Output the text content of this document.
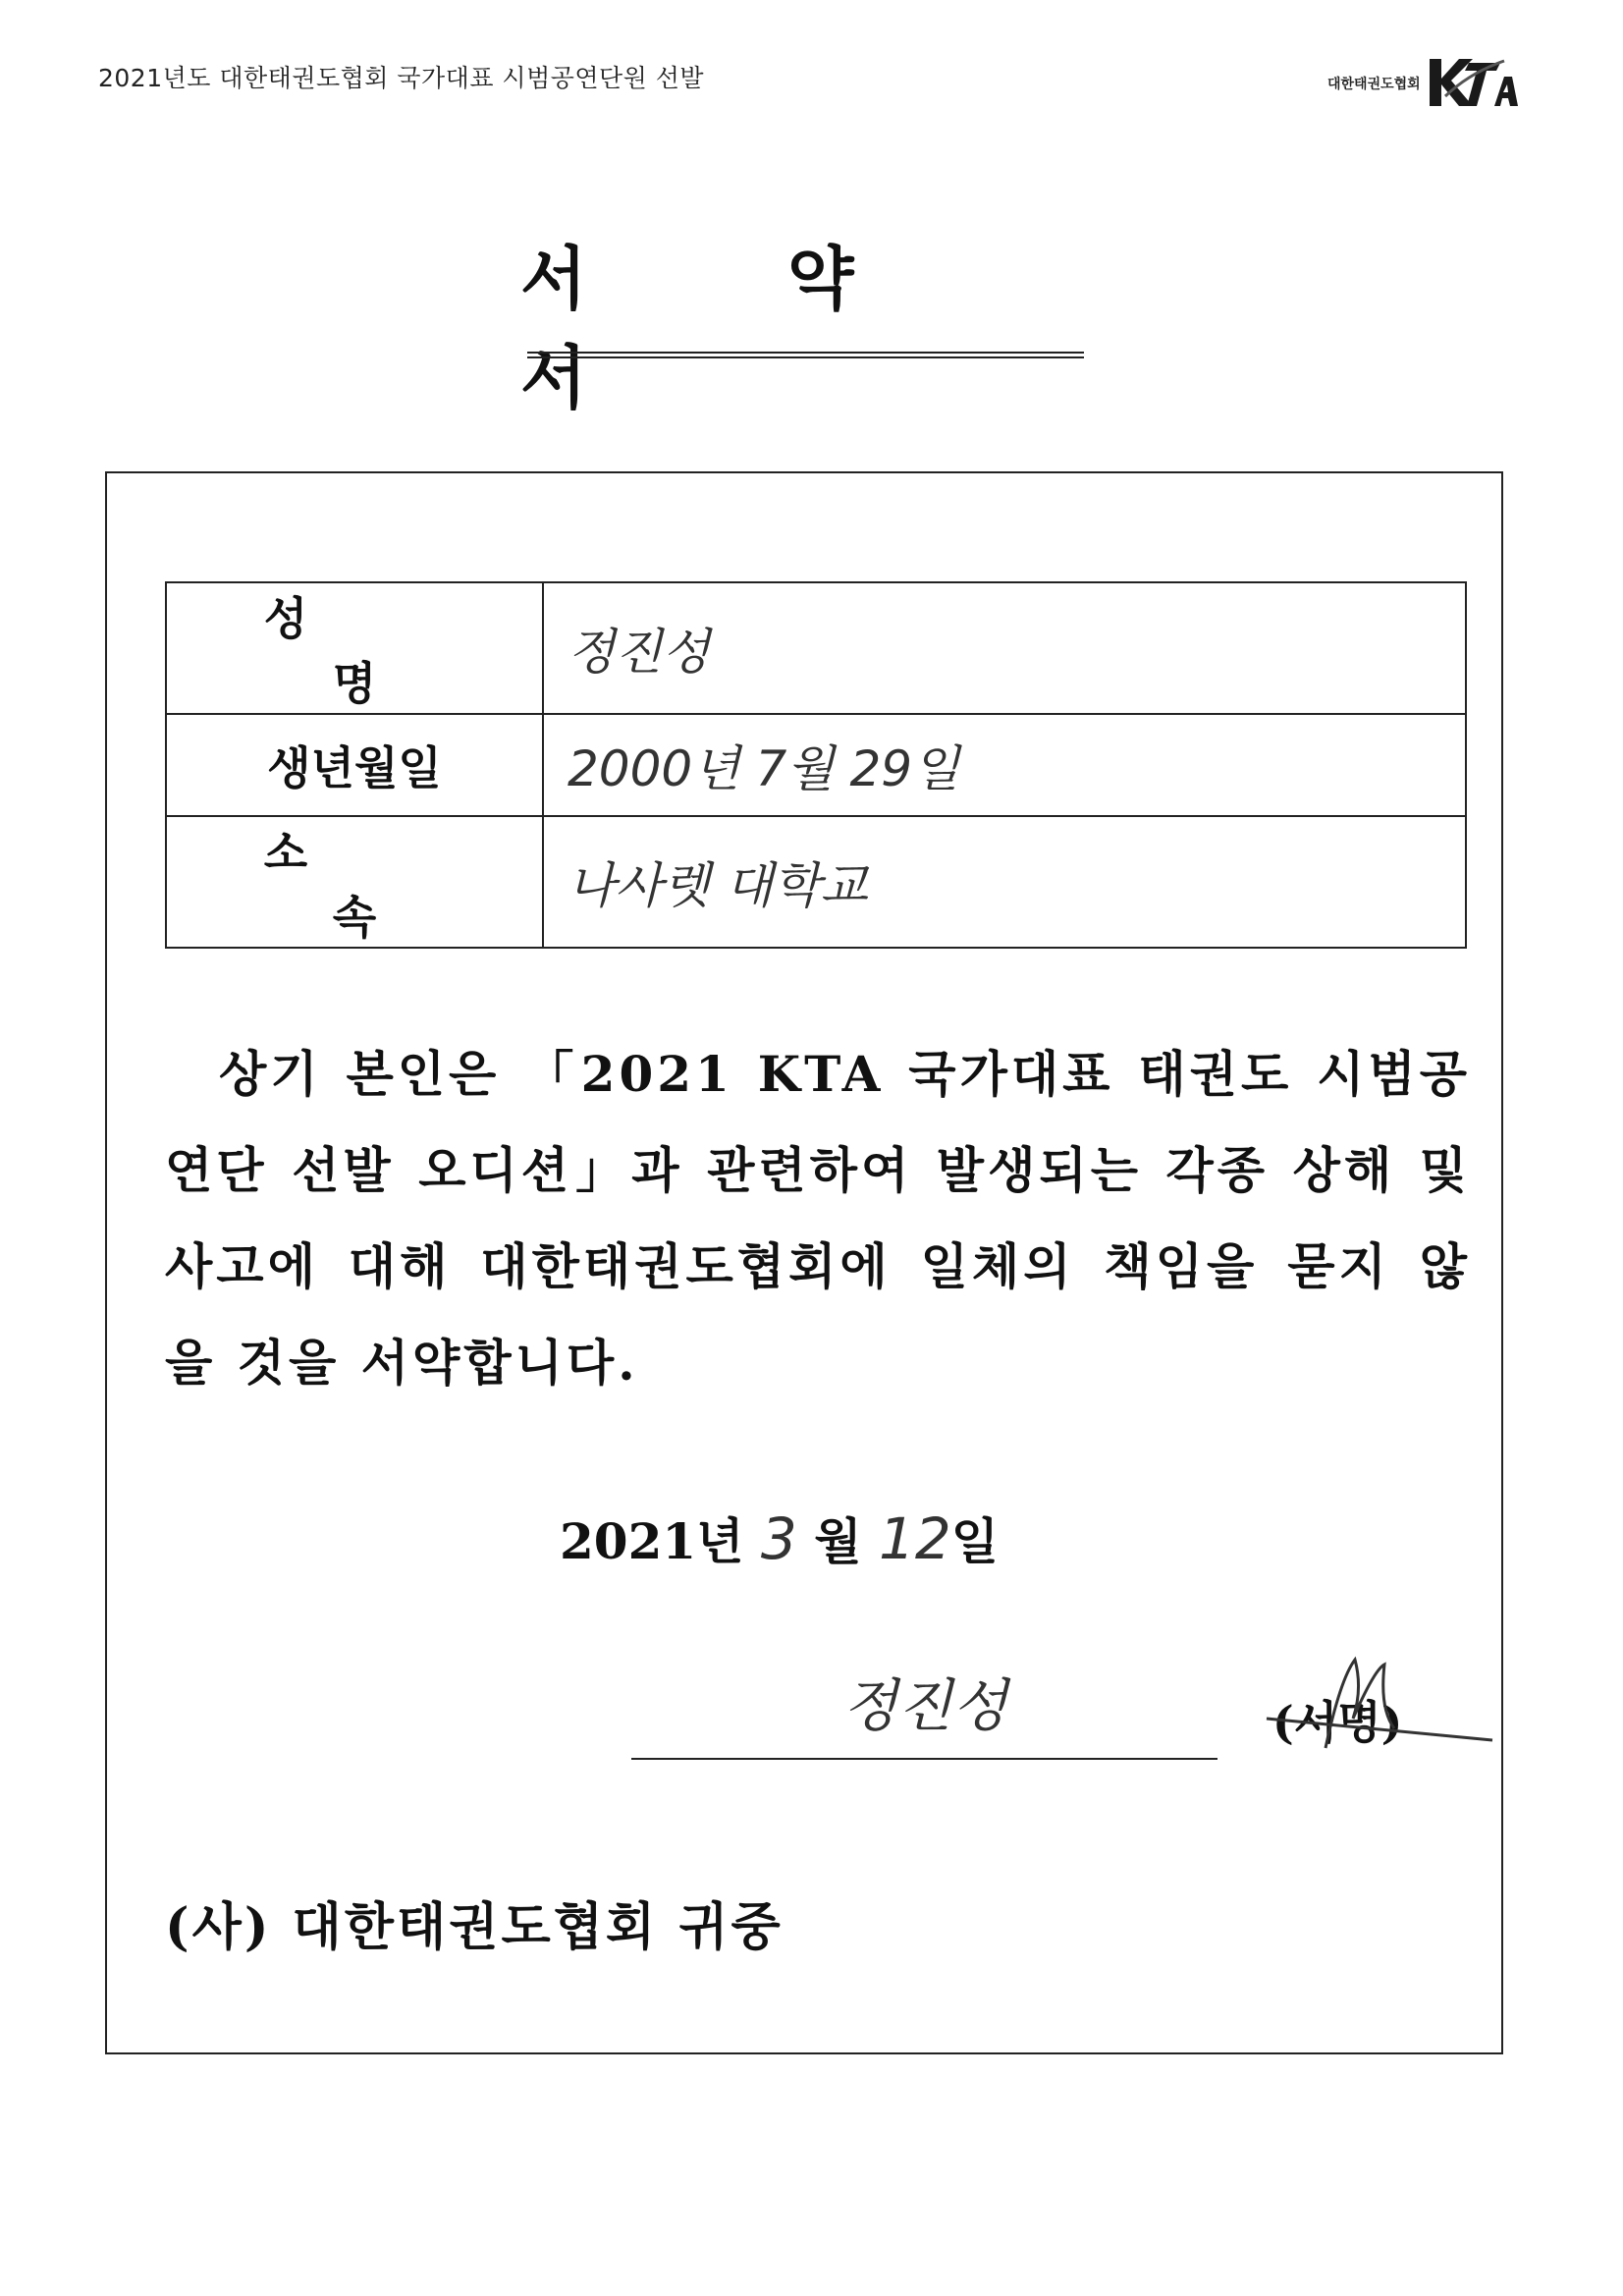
2021년도 대한태권도협회 국가대표 시범공연단원 선발	대한태권도협회
서 약 서
성 명	정진성
생년월일	2000년 7월 29일
소 속	나사렛 대학교
상기 본인은 「2021 KTA 국가대표 태권도 시범공연단 선발 오디션」과 관련하여 발생되는 각종 상해 및 사고에 대해 대한태권도협회에 일체의 책임을 묻지 않을 것을 서약합니다.
2021년 3 월 12일
정진성	(서명)
(사) 대한태권도협회 귀중
